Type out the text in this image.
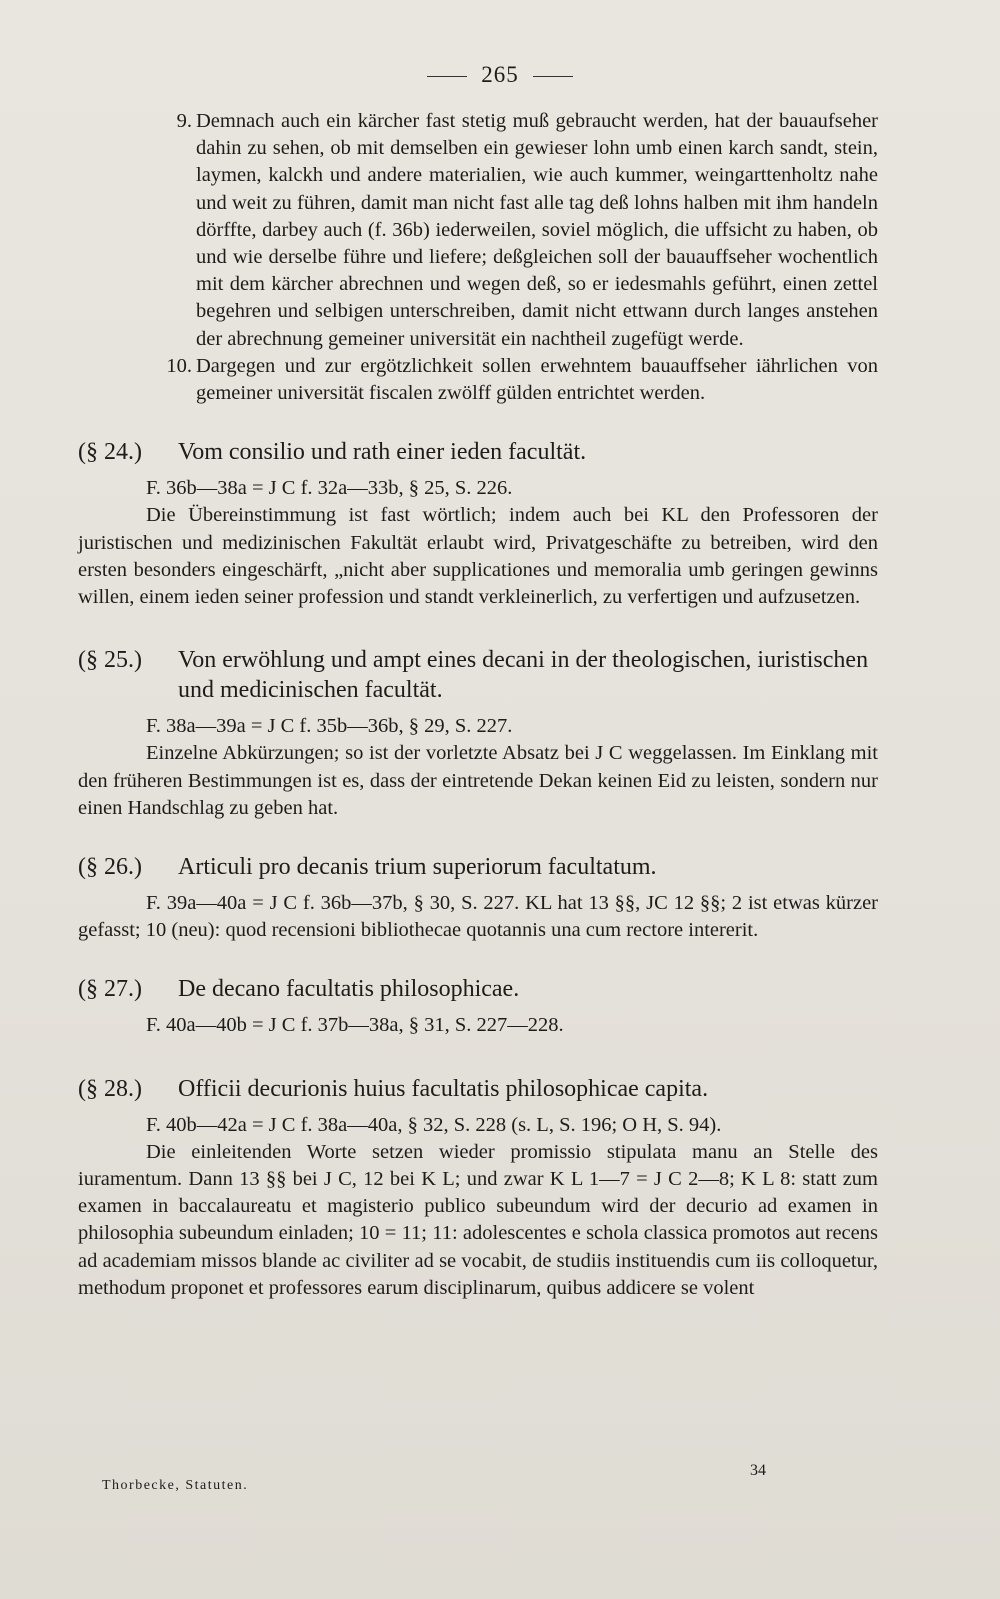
265
9. Demnach auch ein kärcher fast stetig muß gebraucht werden, hat der bauaufseher dahin zu sehen, ob mit demselben ein gewieser lohn umb einen karch sandt, stein, laymen, kalckh und andere materialien, wie auch kummer, weingarttenholtz nahe und weit zu führen, damit man nicht fast alle tag deß lohns halben mit ihm handeln dörffte, darbey auch (f. 36b) iederweilen, soviel möglich, die uffsicht zu haben, ob und wie derselbe führe und liefere; deßgleichen soll der bauauffseher wochentlich mit dem kärcher abrechnen und wegen deß, so er iedesmahls geführt, einen zettel begehren und selbigen unterschreiben, damit nicht ettwann durch langes anstehen der abrechnung gemeiner universität ein nachtheil zugefügt werde.

10. Dargegen und zur ergötzlichkeit sollen erwehntem bauauffseher iährlichen von gemeiner universität fiscalen zwölff gülden entrichtet werden.

(§ 24.)	Vom consilio und rath einer ieden facultät.

F. 36b—38a = J C f. 32a—33b, § 25, S. 226.

Die Übereinstimmung ist fast wörtlich; indem auch bei KL den Professoren der juristischen und medizinischen Fakultät erlaubt wird, Privatgeschäfte zu betreiben, wird den ersten besonders eingeschärft, „nicht aber supplicationes und memoralia umb geringen gewinns willen, einem ieden seiner profession und standt verkleinerlich, zu verfertigen und aufzusetzen.

(§ 25.)	Von erwöhlung und ampt eines decani in der theologischen, iuristischen und medicinischen facultät.

F. 38a—39a = J C f. 35b—36b, § 29, S. 227.

Einzelne Abkürzungen; so ist der vorletzte Absatz bei J C weggelassen. Im Einklang mit den früheren Bestimmungen ist es, dass der eintretende Dekan keinen Eid zu leisten, sondern nur einen Handschlag zu geben hat.

(§ 26.)	Articuli pro decanis trium superiorum facultatum.

F. 39a—40a = J C f. 36b—37b, § 30, S. 227. KL hat 13 §§, JC 12 §§; 2 ist etwas kürzer gefasst; 10 (neu): quod recensioni bibliothecae quotannis una cum rectore intererit.

(§ 27.)	De decano facultatis philosophicae.

F. 40a—40b = J C f. 37b—38a, § 31, S. 227—228.

(§ 28.)	Officii decurionis huius facultatis philosophicae capita.

F. 40b—42a = J C f. 38a—40a, § 32, S. 228 (s. L, S. 196; O H, S. 94).

Die einleitenden Worte setzen wieder promissio stipulata manu an Stelle des iuramentum. Dann 13 §§ bei J C, 12 bei K L; und zwar K L 1—7 = J C 2—8; K L 8: statt zum examen in baccalaureatu et magisterio publico subeundum wird der decurio ad examen in philosophia subeundum einladen; 10 = 11; 11: adolescentes e schola classica promotos aut recens ad academiam missos blande ac civiliter ad se vocabit, de studiis instituendis cum iis colloquetur, methodum proponet et professores earum disciplinarum, quibus addicere se volent

34
Thorbecke, Statuten.
